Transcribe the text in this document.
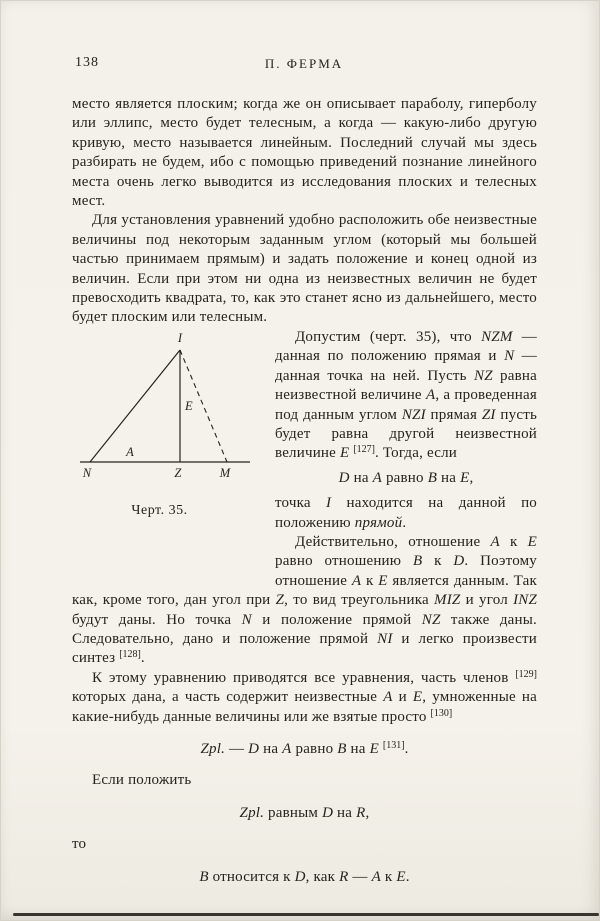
138	П. ФЕРМА

место является плоским; когда же он описывает параболу, гиперболу или эллипс, место будет телесным, а когда — какую-либо другую кривую, место называется линейным. Последний случай мы здесь разбирать не будем, ибо с помощью приведений познание линейного места очень легко выводится из исследования плоских и телесных мест.

Для установления уравнений удобно расположить обе неизвестные величины под некоторым заданным углом (который мы большей частью принимаем прямым) и задать положение и конец одной из величин. Если при этом ни одна из неизвестных величин не будет превосходить квадрата, то, как это станет ясно из дальнейшего, место будет плоским или телесным.

I
E
A
N	Z	M
Черт. 35.

Допустим (черт. 35), что NZM — данная по положению прямая и N — данная точка на ней. Пусть NZ равна неизвестной величине A, а проведенная под данным углом NZI прямая ZI пусть будет равна другой неизвестной величине E [127]. Тогда, если

D на A равно B на E,

точка I находится на данной по положению прямой.

Действительно, отношение A к E равно отношению B к D. Поэтому отношение A к E является данным. Так как, кроме того, дан угол при Z, то вид треугольника MIZ и угол INZ будут даны. Но точка N и положение прямой NZ также даны. Следовательно, дано и положение прямой NI и легко произвести синтез [128].

К этому уравнению приводятся все уравнения, часть членов [129] которых дана, а часть содержит неизвестные A и E, умноженные на какие-нибудь данные величины или же взятые просто [130]

Zpl. — D на A равно B на E [131].

Если положить

Zpl. равным D на R,

то

B относится к D, как R — A к E.
